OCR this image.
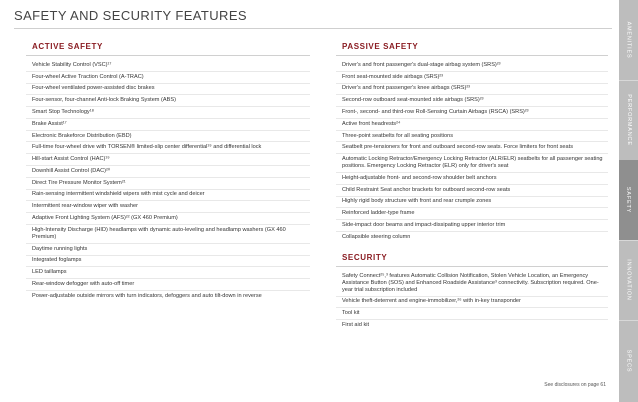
SAFETY AND SECURITY FEATURES
ACTIVE SAFETY
Vehicle Stability Control (VSC)¹⁷
Four-wheel Active Traction Control (A-TRAC)
Four-wheel ventilated power-assisted disc brakes
Four-sensor, four-channel Anti-lock Braking System (ABS)
Smart Stop Technology¹⁸
Brake Assist¹⁷
Electronic Brakeforce Distribution (EBD)
Full-time four-wheel drive with TORSEN® limited-slip center differential¹⁹ and differential lock
Hill-start Assist Control (HAC)¹⁹
Downhill Assist Control (DAC)²⁰
Direct Tire Pressure Monitor System²¹
Rain-sensing intermittent windshield wipers with mist cycle and deicer
Intermittent rear-window wiper with washer
Adaptive Front Lighting System (AFS)²² (GX 460 Premium)
High-Intensity Discharge (HID) headlamps with dynamic auto-leveling and headlamp washers (GX 460 Premium)
Daytime running lights
Integrated foglamps
LED taillamps
Rear-window defogger with auto-off timer
Power-adjustable outside mirrors with turn indicators, defoggers and auto tilt-down in reverse
PASSIVE SAFETY
Driver's and front passenger's dual-stage airbag system (SRS)²³
Front seat-mounted side airbags (SRS)²³
Driver's and front passenger's knee airbags (SRS)²³
Second-row outboard seat-mounted side airbags (SRS)²³
Front-, second- and third-row Roll-Sensing Curtain Airbags (RSCA) (SRS)²³
Active front headrests²⁴
Three-point seatbelts for all seating positions
Seatbelt pre-tensioners for front and outboard second-row seats. Force limiters for front seats
Automatic Locking Retractor/Emergency Locking Retractor (ALR/ELR) seatbelts for all passenger seating positions. Emergency Locking Retractor (ELR) only for driver's seat
Height-adjustable front- and second-row shoulder belt anchors
Child Restraint Seat anchor brackets for outboard second-row seats
Highly rigid body structure with front and rear crumple zones
Reinforced ladder-type frame
Side-impact door beams and impact-dissipating upper interior trim
Collapsible steering column
SECURITY
Safety Connect²⁵,³ features Automatic Collision Notification, Stolen Vehicle Location, an Emergency Assistance Button (SOS) and Enhanced Roadside Assistance³ connectivity. Subscription required. One-year trial subscription included
Vehicle theft-deterrent and engine-immobilizer,²⁶ with in-key transponder
Tool kit
First aid kit
See disclosures on page 61
AMENITIES
PERFORMANCE
SAFETY
INNOVATION
SPECS
